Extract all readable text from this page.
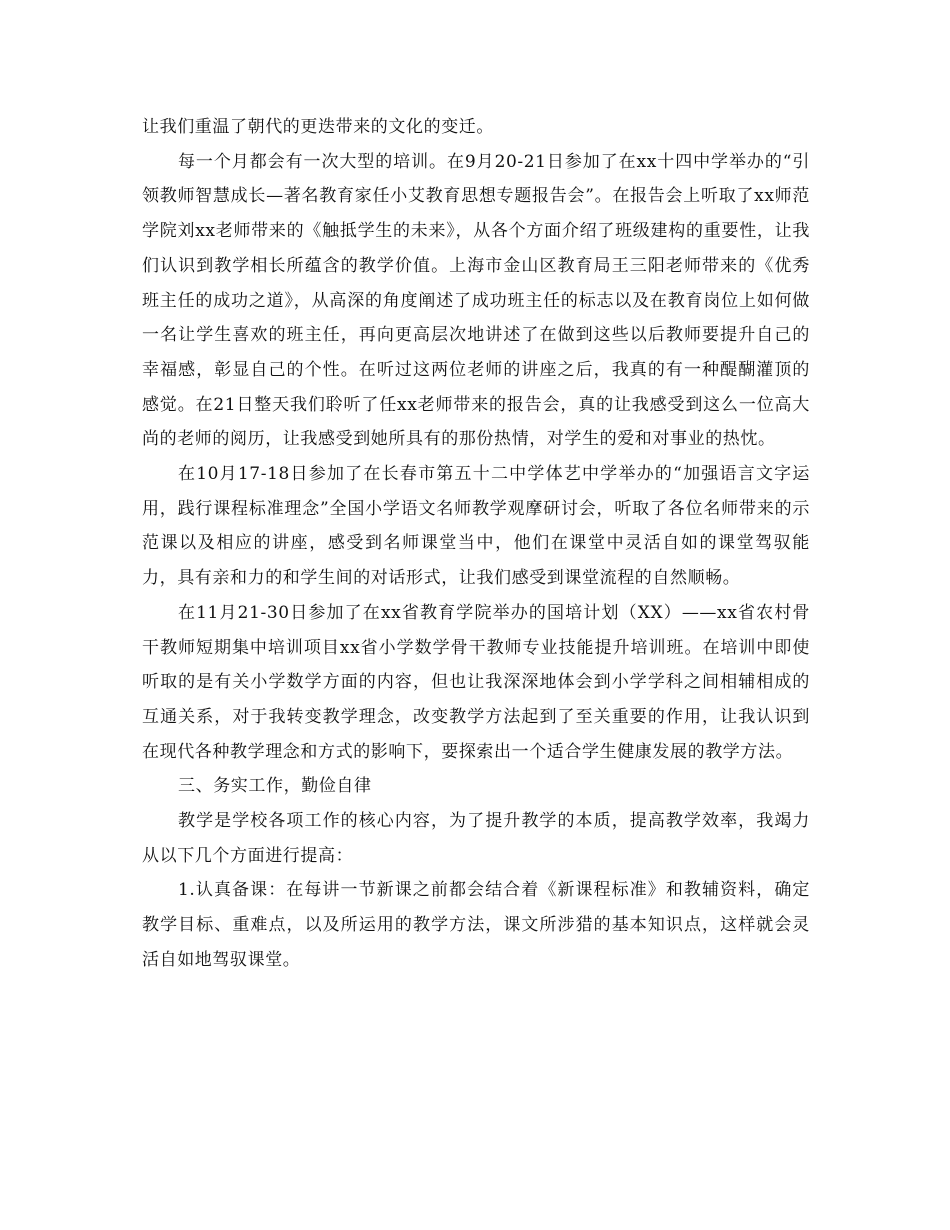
让我们重温了朝代的更迭带来的文化的变迁。

每一个月都会有一次大型的培训。在9月20-21日参加了在xx十四中学举办的“引领教师智慧成长—著名教育家任小艾教育思想专题报告会”。在报告会上听取了xx师范学院刘xx老师带来的《触抵学生的未来》，从各个方面介绍了班级建构的重要性，让我们认识到教学相长所蕴含的教学价值。上海市金山区教育局王三阳老师带来的《优秀班主任的成功之道》，从高深的角度阐述了成功班主任的标志以及在教育岗位上如何做一名让学生喜欢的班主任，再向更高层次地讲述了在做到这些以后教师要提升自己的幸福感，彰显自己的个性。在听过这两位老师的讲座之后，我真的有一种醍醐灌顶的感觉。在21日整天我们聆听了任xx老师带来的报告会，真的让我感受到这么一位高大尚的老师的阅历，让我感受到她所具有的那份热情，对学生的爱和对事业的热忱。

在10月17-18日参加了在长春市第五十二中学体艺中学举办的“加强语言文字运用，践行课程标准理念”全国小学语文名师教学观摩研讨会，听取了各位名师带来的示范课以及相应的讲座，感受到名师课堂当中，他们在课堂中灵活自如的课堂驾驭能力，具有亲和力的和学生间的对话形式，让我们感受到课堂流程的自然顺畅。

在11月21-30日参加了在xx省教育学院举办的国培计划（XX）——xx省农村骨干教师短期集中培训项目xx省小学数学骨干教师专业技能提升培训班。在培训中即使听取的是有关小学数学方面的内容，但也让我深深地体会到小学学科之间相辅相成的互通关系，对于我转变教学理念，改变教学方法起到了至关重要的作用，让我认识到在现代各种教学理念和方式的影响下，要探索出一个适合学生健康发展的教学方法。

三、务实工作，勤俭自律

教学是学校各项工作的核心内容，为了提升教学的本质，提高教学效率，我竭力从以下几个方面进行提高：

1.认真备课：在每讲一节新课之前都会结合着《新课程标准》和教辅资料，确定教学目标、重难点，以及所运用的教学方法，课文所涉猎的基本知识点，这样就会灵活自如地驾驭课堂。
